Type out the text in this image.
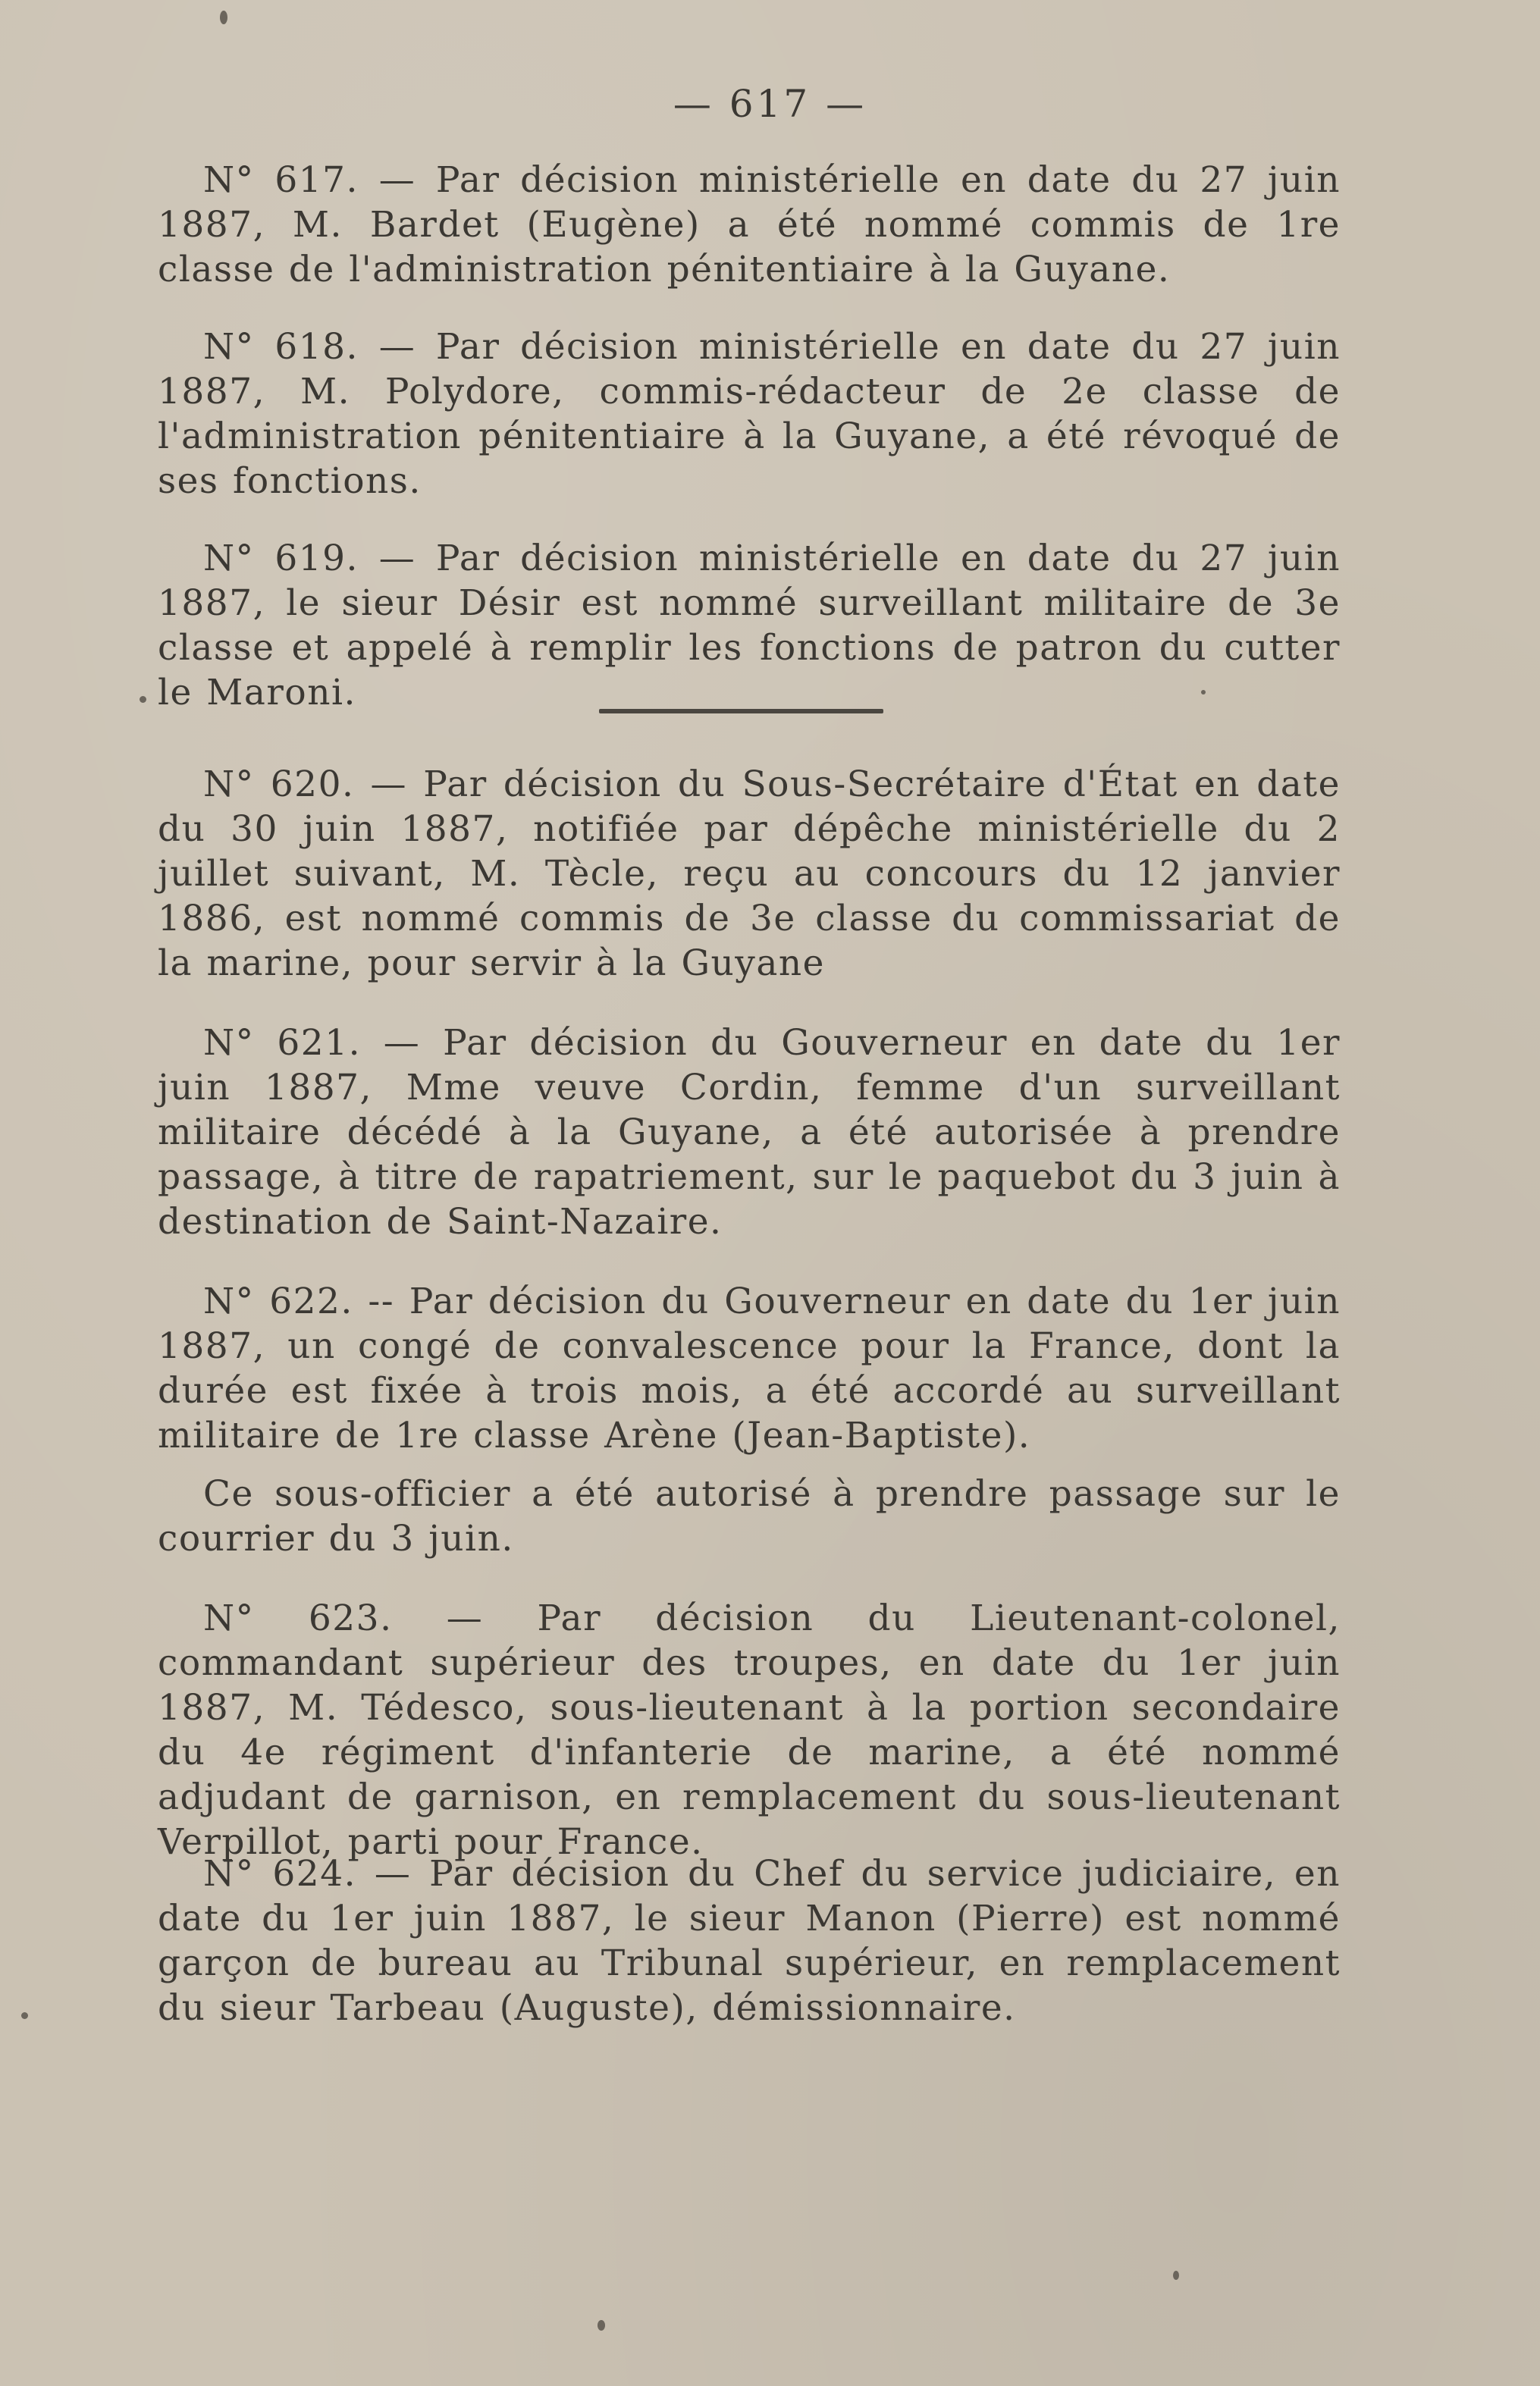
— 617 —

N° 617. — Par décision ministérielle en date du 27 juin 1887, M. Bardet (Eugène) a été nommé commis de 1re classe de l'administration pénitentiaire à la Guyane.

N° 618. — Par décision ministérielle en date du 27 juin 1887, M. Polydore, commis-rédacteur de 2e classe de l'administration pénitentiaire à la Guyane, a été révoqué de ses fonctions.

N° 619. — Par décision ministérielle en date du 27 juin 1887, le sieur Désir est nommé surveillant militaire de 3e classe et appelé à remplir les fonctions de patron du cutter le Maroni.

N° 620. — Par décision du Sous-Secrétaire d'État en date du 30 juin 1887, notifiée par dépêche ministérielle du 2 juillet suivant, M. Tècle, reçu au concours du 12 janvier 1886, est nommé commis de 3e classe du commissariat de la marine, pour servir à la Guyane

N° 621. — Par décision du Gouverneur en date du 1er juin 1887, Mme veuve Cordin, femme d'un surveillant militaire décédé à la Guyane, a été autorisée à prendre passage, à titre de rapatriement, sur le paquebot du 3 juin à destination de Saint-Nazaire.

N° 622. -- Par décision du Gouverneur en date du 1er juin 1887, un congé de convalescence pour la France, dont la durée est fixée à trois mois, a été accordé au surveillant militaire de 1re classe Arène (Jean-Baptiste).

Ce sous-officier a été autorisé à prendre passage sur le courrier du 3 juin.

N° 623. — Par décision du Lieutenant-colonel, commandant supérieur des troupes, en date du 1er juin 1887, M. Tédesco, sous-lieutenant à la portion secondaire du 4e régiment d'infanterie de marine, a été nommé adjudant de garnison, en remplacement du sous-lieutenant Verpillot, parti pour France.

N° 624. — Par décision du Chef du service judiciaire, en date du 1er juin 1887, le sieur Manon (Pierre) est nommé garçon de bureau au Tribunal supérieur, en remplacement du sieur Tarbeau (Auguste), démissionnaire.
